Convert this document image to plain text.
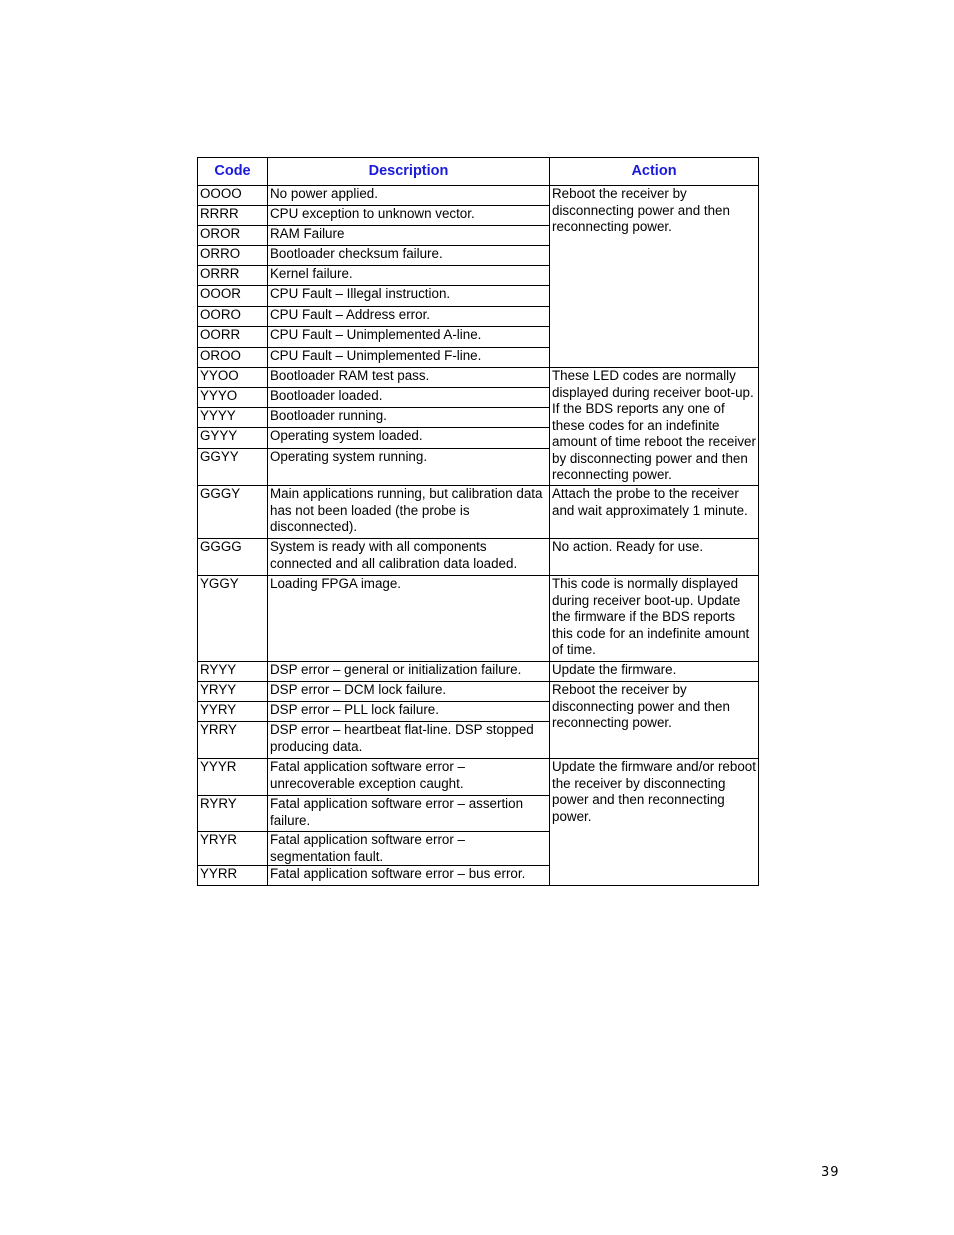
Code	Description	Action
OOOO	No power applied.	Reboot the receiver by disconnecting power and then reconnecting power.
RRRR	CPU exception to unknown vector.	
OROR	RAM Failure	
ORRO	Bootloader checksum failure.	
ORRR	Kernel failure.	
OOOR	CPU Fault – Illegal instruction.	
OORO	CPU Fault – Address error.	
OORR	CPU Fault – Unimplemented A-line.	
OROO	CPU Fault – Unimplemented F-line.	
YYOO	Bootloader RAM test pass.	These LED codes are normally displayed during receiver boot-up. If the BDS reports any one of these codes for an indefinite amount of time reboot the receiver by disconnecting power and then reconnecting power.
YYYO	Bootloader loaded.	
YYYY	Bootloader running.	
GYYY	Operating system loaded.	
GGYY	Operating system running.	
GGGY	Main applications running, but calibration data has not been loaded (the probe is disconnected).	Attach the probe to the receiver and wait approximately 1 minute.
GGGG	System is ready with all components connected and all calibration data loaded.	No action. Ready for use.
YGGY	Loading FPGA image.	This code is normally displayed during receiver boot-up. Update the firmware if the BDS reports this code for an indefinite amount of time.
RYYY	DSP error – general or initialization failure.	Update the firmware.
YRYY	DSP error – DCM lock failure.	Reboot the receiver by disconnecting power and then reconnecting power.
YYRY	DSP error – PLL lock failure.	
YRRY	DSP error – heartbeat flat-line. DSP stopped producing data.	
YYYR	Fatal application software error – unrecoverable exception caught.	Update the firmware and/or reboot the receiver by disconnecting power and then reconnecting power.
RYRY	Fatal application software error – assertion failure.	
YRYR	Fatal application software error – segmentation fault.	
YYRR	Fatal application software error – bus error.	
39
